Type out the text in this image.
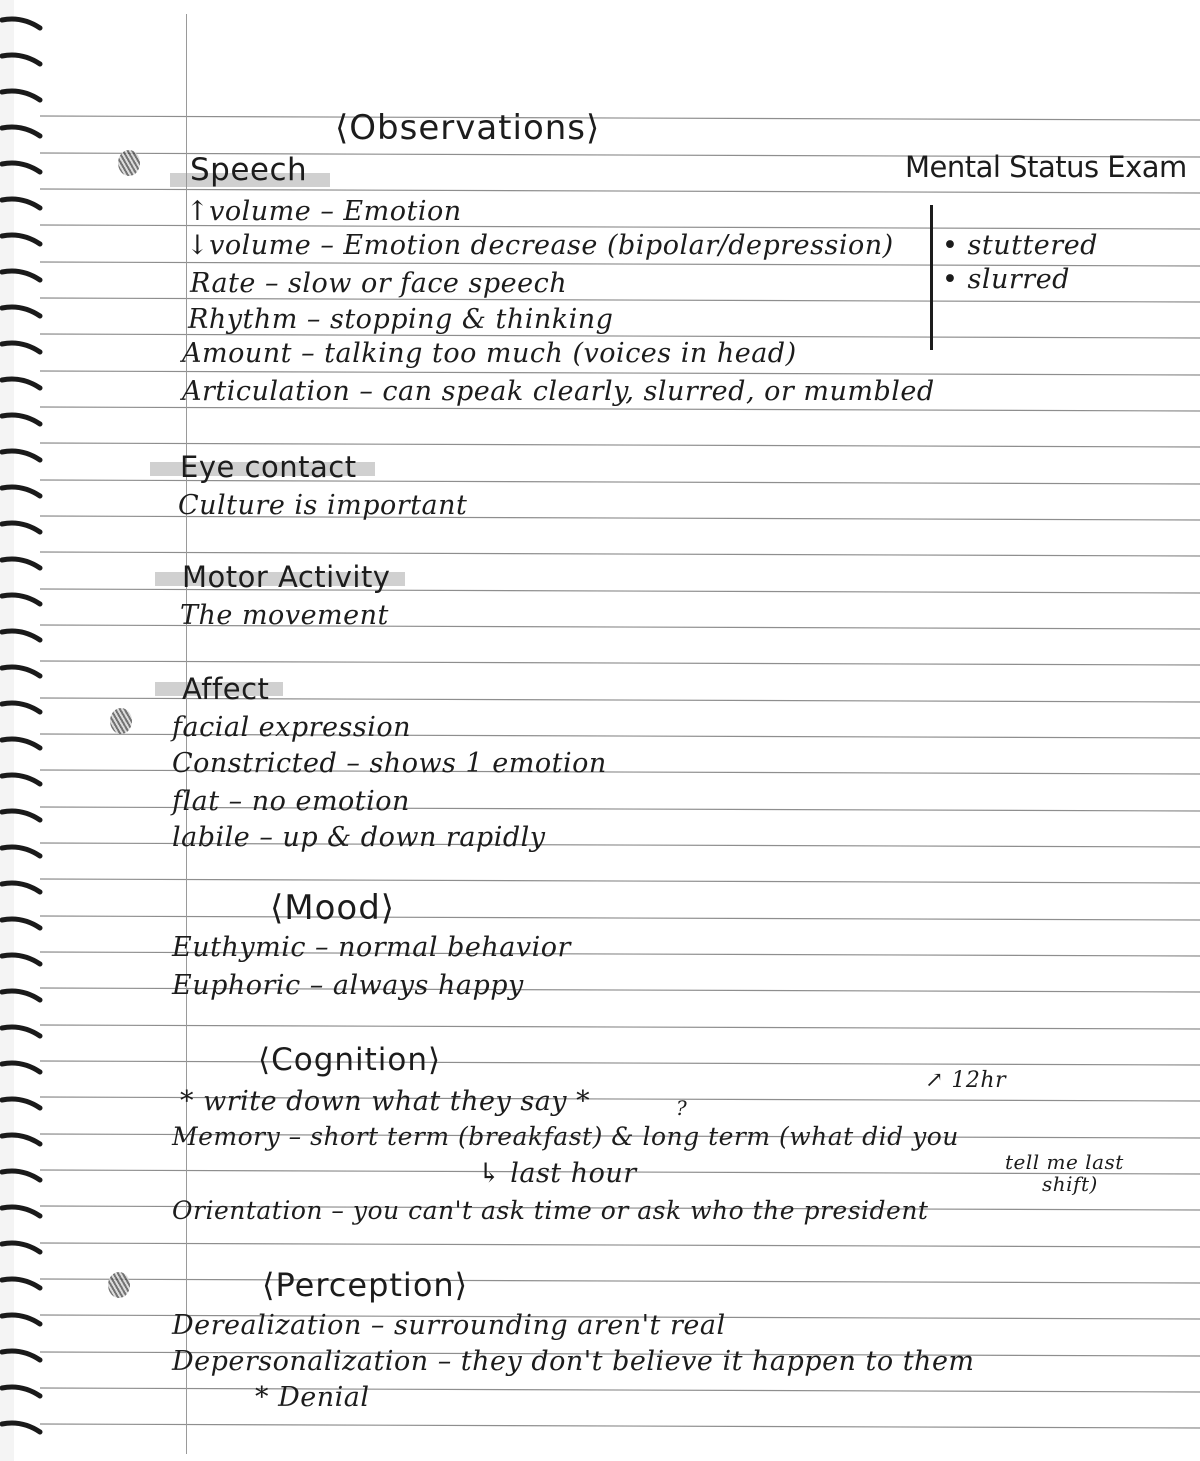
Mental Status Exam
⟨Observations⟩
Speech
↑volume – Emotion
↓volume – Emotion decrease (bipolar/depression)
Rate – slow or face speech
Rhythm – stopping & thinking
Amount – talking too much (voices in head)
Articulation – can speak clearly, slurred, or mumbled
• stuttered
• slurred
Eye contact
Culture is important
Motor Activity
The movement
Affect
facial expression
Constricted – shows 1 emotion
flat – no emotion
labile – up & down rapidly
⟨Mood⟩
Euthymic – normal behavior
Euphoric – always happy
⟨Cognition⟩
↗ 12hr
* write down what they say *	?
Memory – short term (breakfast) & long term (what did you
tell me last
shift)
↳ last hour
Orientation – you can't ask time or ask who the president
⟨Perception⟩
Derealization – surrounding aren't real
Depersonalization – they don't believe it happen to them
* Denial
